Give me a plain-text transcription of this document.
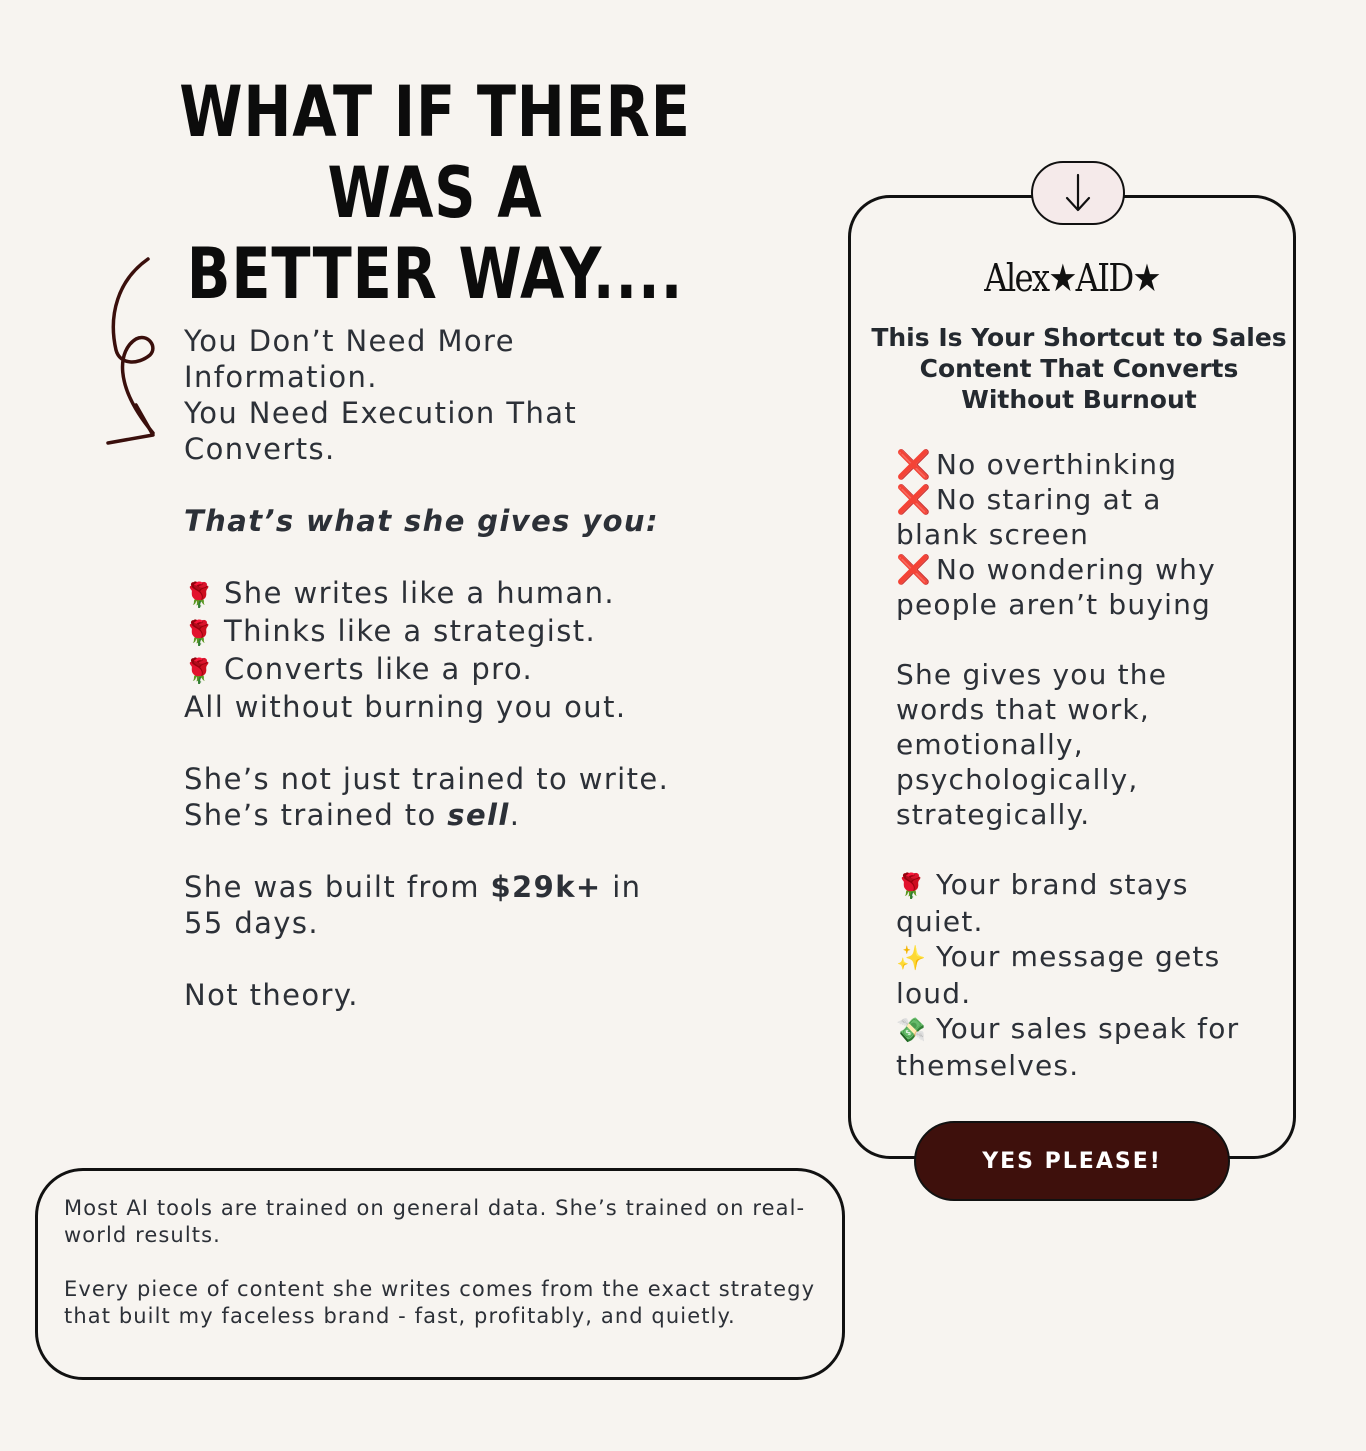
WHAT IF THERE WAS A
BETTER WAY....

You Don’t Need More
Information.
You Need Execution That
Converts.

That’s what she gives you:

🌹 She writes like a human.
🌹 Thinks like a strategist.
🌹 Converts like a pro.
All without burning you out.

She’s not just trained to write.
She’s trained to sell.

She was built from $29k+ in
55 days.

Not theory.

Alex★AID★
This Is Your Shortcut to Sales
Content That Converts
Without Burnout

❌ No overthinking
❌ No staring at a
blank screen
❌ No wondering why
people aren’t buying

She gives you the
words that work,
emotionally,
psychologically,
strategically.

🌹 Your brand stays
quiet.
✨ Your message gets
loud.
💸 Your sales speak for
themselves.

YES PLEASE!

Most AI tools are trained on general data. She’s trained on real-world results.

Every piece of content she writes comes from the exact strategy that built my faceless brand - fast, profitably, and quietly.
